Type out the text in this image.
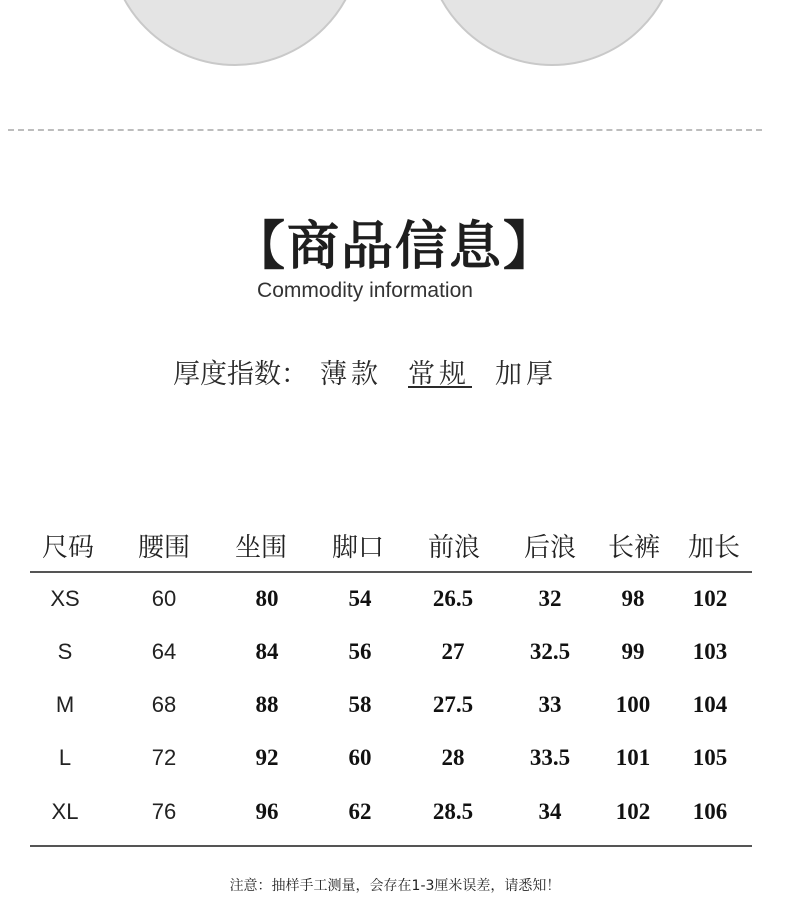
【商品信息】
Commodity information
厚度指数： 薄款 常规 加厚
尺码	腰围	坐围	脚口	前浪	后浪	长裤	加长
XS	60	80	54	26.5	32	98	102
S	64	84	56	27	32.5	99	103
M	68	88	58	27.5	33	100	104
L	72	92	60	28	33.5	101	105
XL	76	96	62	28.5	34	102	106
注意：抽样手工测量，会存在1-3厘米误差，请悉知！
